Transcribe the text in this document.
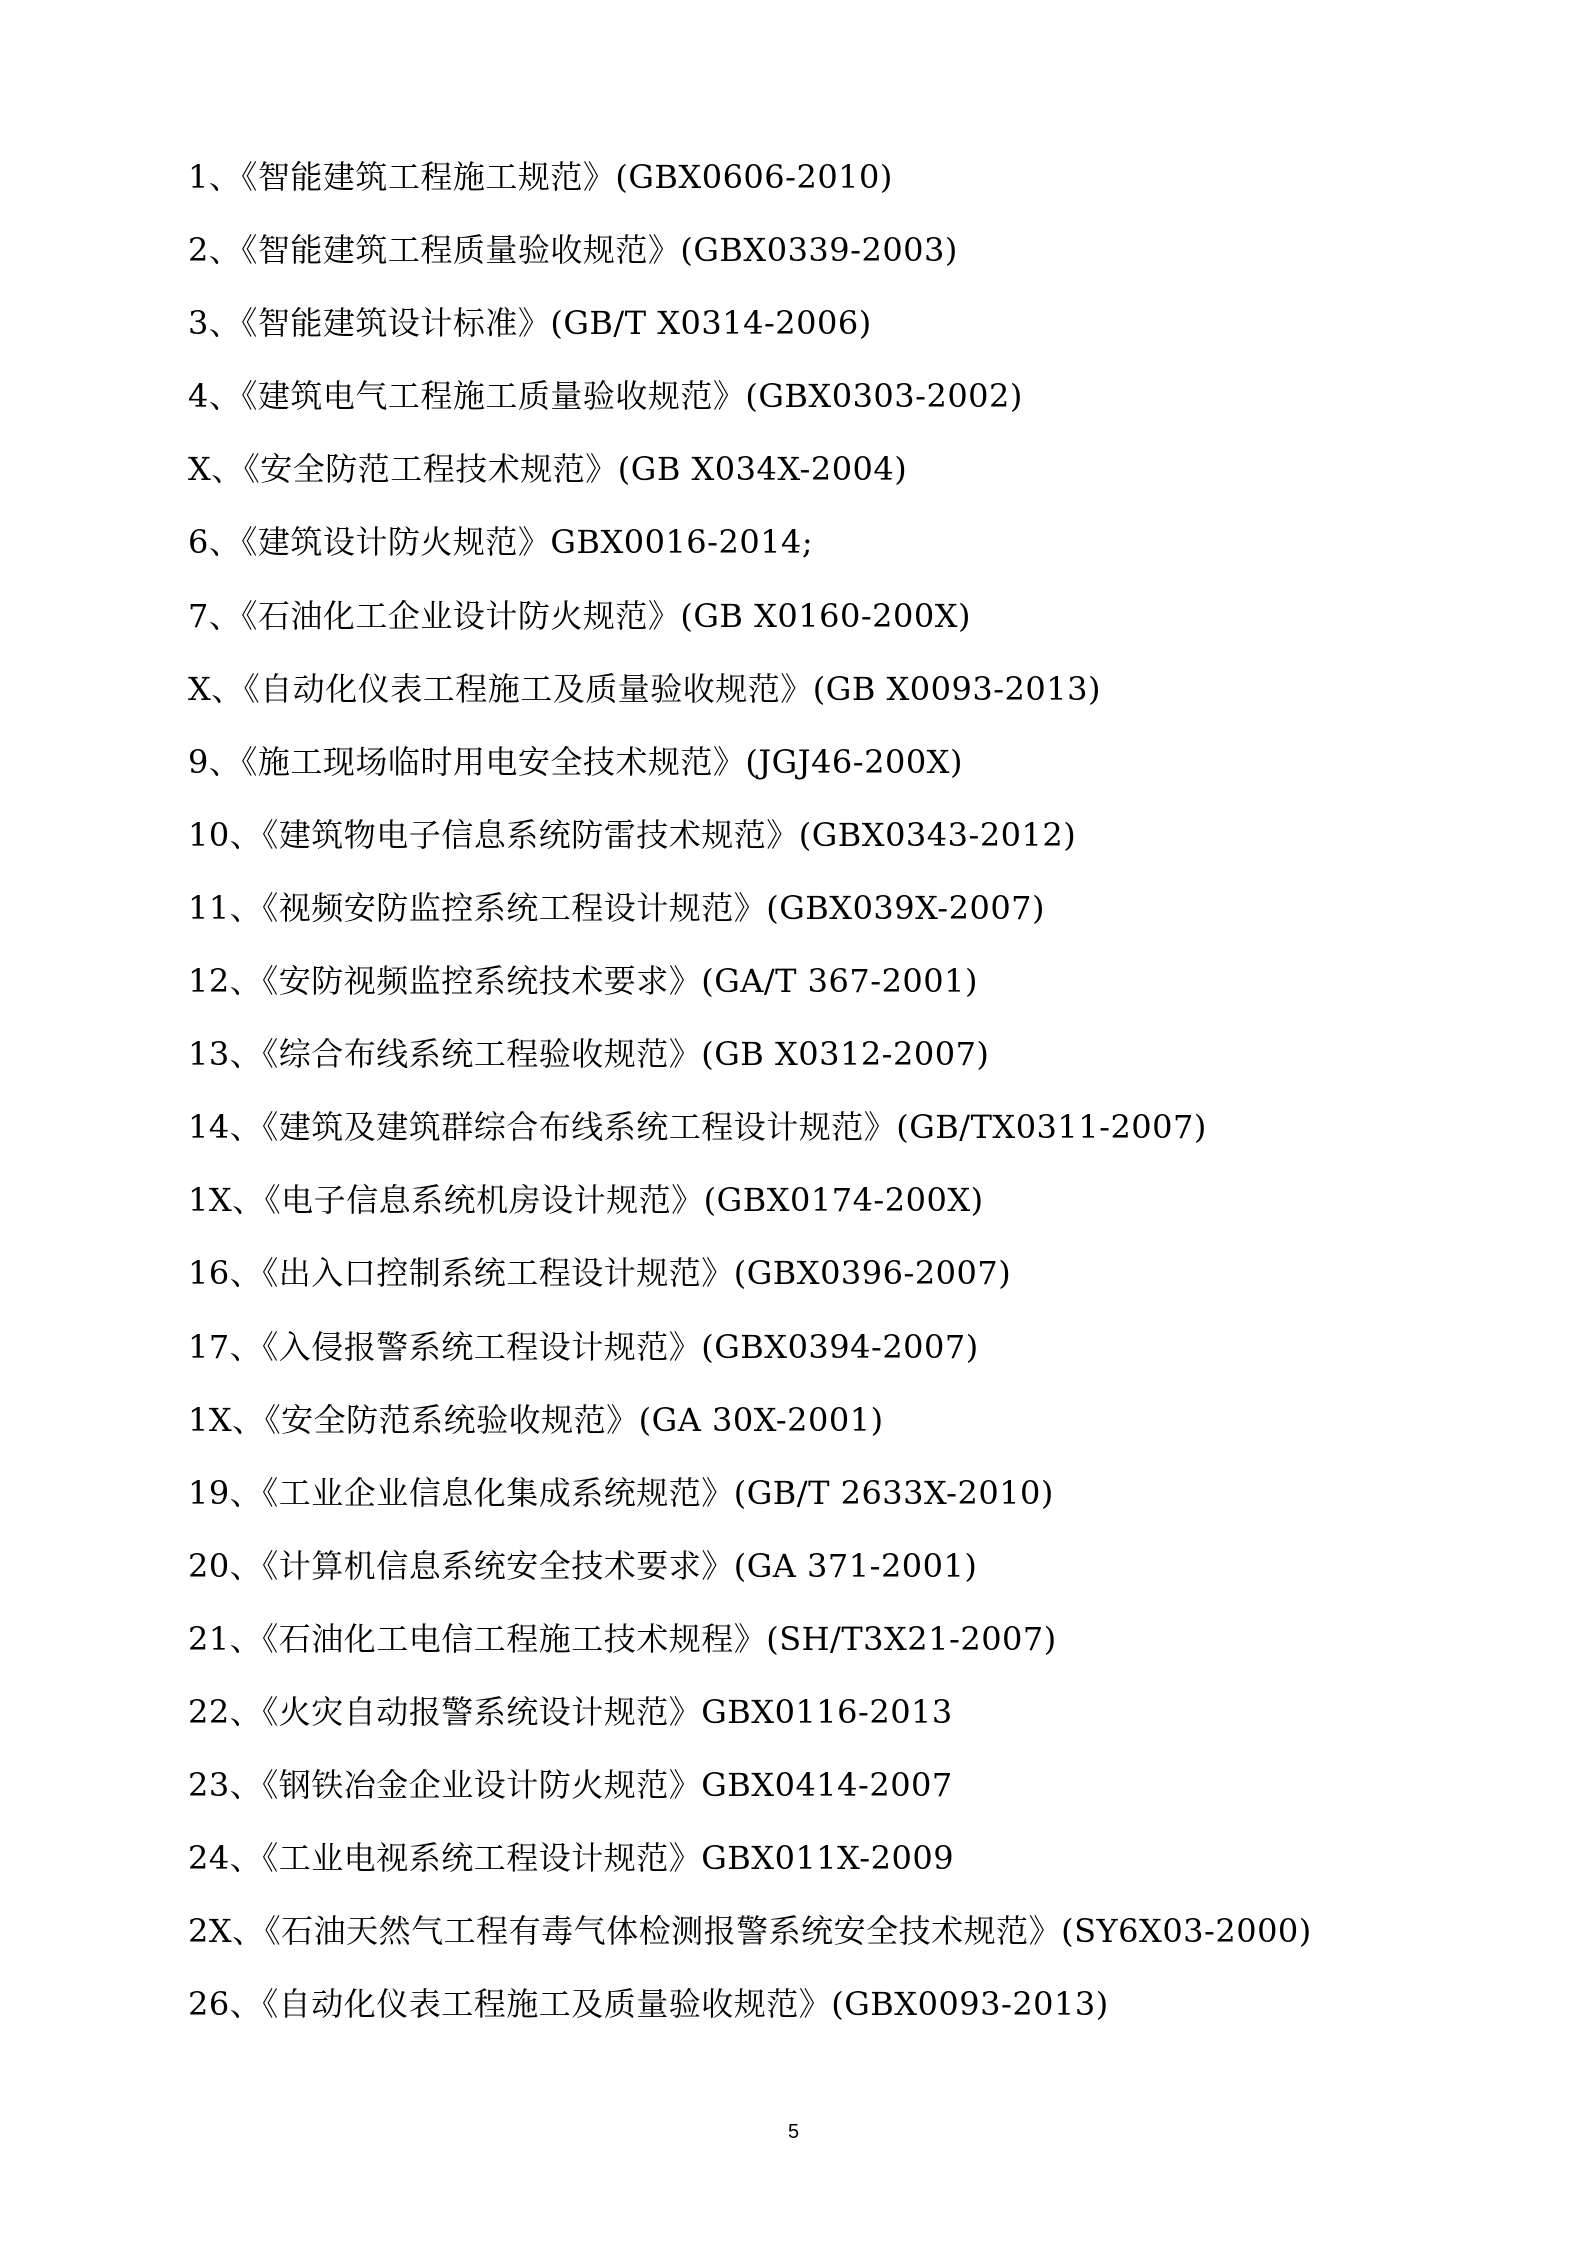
1、《智能建筑工程施工规范》(GBX0606-2010)
2、《智能建筑工程质量验收规范》(GBX0339-2003)
3、《智能建筑设计标准》(GB/T X0314-2006)
4、《建筑电气工程施工质量验收规范》(GBX0303-2002)
X、《安全防范工程技术规范》(GB X034X-2004)
6、《建筑设计防火规范》GBX0016-2014;
7、《石油化工企业设计防火规范》(GB X0160-200X)
X、《自动化仪表工程施工及质量验收规范》(GB X0093-2013)
9、《施工现场临时用电安全技术规范》(JGJ46-200X)
10、《建筑物电子信息系统防雷技术规范》(GBX0343-2012)
11、《视频安防监控系统工程设计规范》(GBX039X-2007)
12、《安防视频监控系统技术要求》(GA/T 367-2001)
13、《综合布线系统工程验收规范》(GB X0312-2007)
14、《建筑及建筑群综合布线系统工程设计规范》(GB/TX0311-2007)
1X、《电子信息系统机房设计规范》(GBX0174-200X)
16、《出入口控制系统工程设计规范》(GBX0396-2007)
17、《入侵报警系统工程设计规范》(GBX0394-2007)
1X、《安全防范系统验收规范》(GA 30X-2001)
19、《工业企业信息化集成系统规范》(GB/T 2633X-2010)
20、《计算机信息系统安全技术要求》(GA 371-2001)
21、《石油化工电信工程施工技术规程》(SH/T3X21-2007)
22、《火灾自动报警系统设计规范》GBX0116-2013
23、《钢铁冶金企业设计防火规范》GBX0414-2007
24、《工业电视系统工程设计规范》GBX011X-2009
2X、《石油天然气工程有毒气体检测报警系统安全技术规范》(SY6X03-2000)
26、《自动化仪表工程施工及质量验收规范》(GBX0093-2013)
5
